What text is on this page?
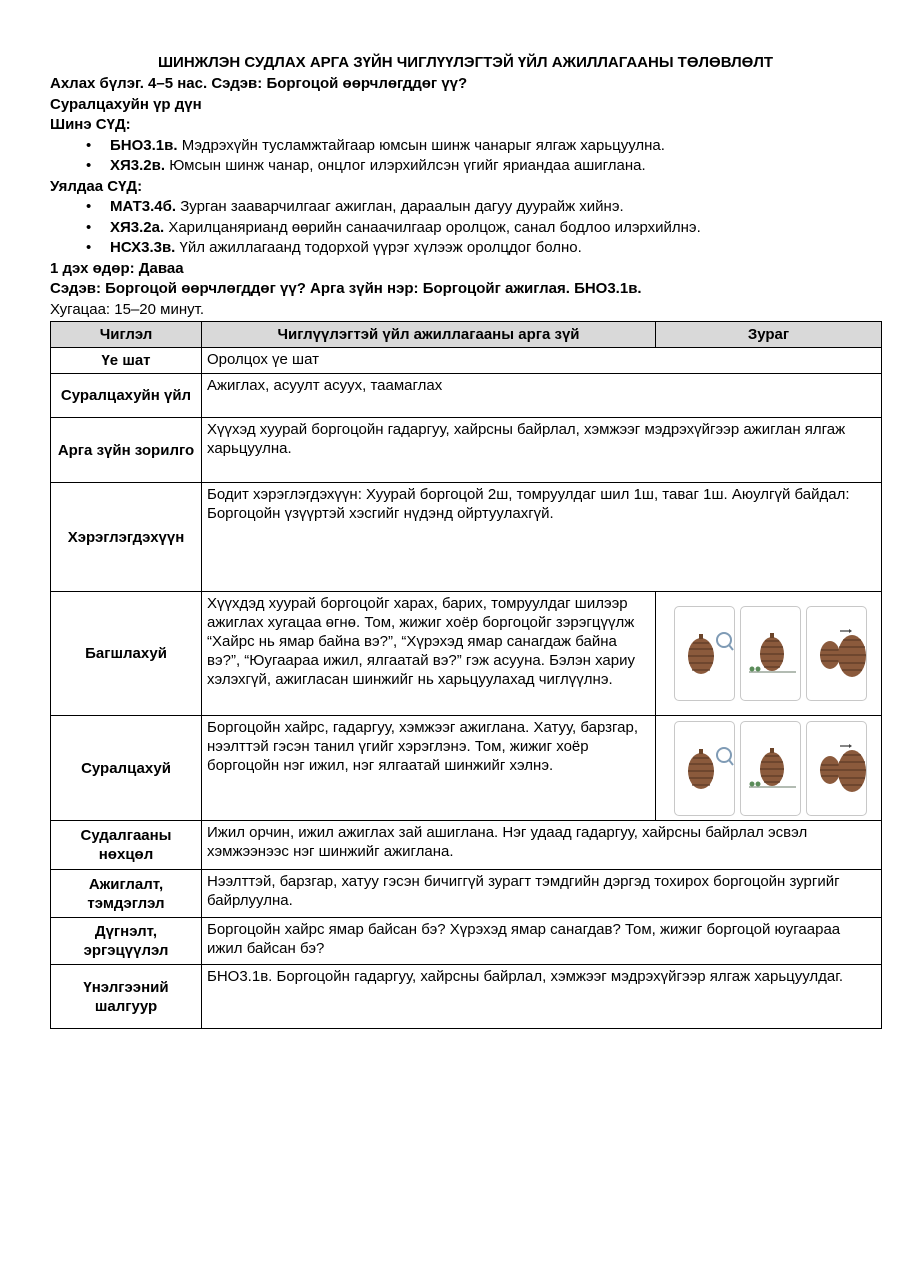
ШИНЖЛЭН СУДЛАХ АРГА ЗҮЙН ЧИГЛҮҮЛЭГТЭЙ ҮЙЛ АЖИЛЛАГААНЫ ТӨЛӨВЛӨЛТ

Ахлах бүлэг. 4–5 нас. Сэдэв: Боргоцой өөрчлөгддөг үү?

Суралцахуйн үр дүн

Шинэ СҮД:

• БНО3.1в. Мэдрэхүйн тусламжтайгаар юмсын шинж чанарыг ялгаж харьцуулна.
• ХЯ3.2в. Юмсын шинж чанар, онцлог илэрхийлсэн үгийг яриандаа ашиглана.

Уялдаа СҮД:

• МАТ3.4б. Зурган зааварчилгааг ажиглан, дараалын дагуу дуурайж хийнэ.
• ХЯ3.2а. Харилцанярианд өөрийн санаачилгаар оролцож, санал бодлоо илэрхийлнэ.
• НСХ3.3в. Үйл ажиллагаанд тодорхой үүрэг хүлээж оролцдог болно.

1 дэх өдөр: Даваа

Сэдэв: Боргоцой өөрчлөгддөг үү? Арга зүйн нэр: Боргоцойг ажиглая. БНО3.1в.

Хугацаа: 15–20 минут.

Чиглэл	Чиглүүлэгтэй үйл ажиллагааны арга зүй	Зураг
Үе шат	Оролцох үе шат	
Суралцахуйн үйл	Ажиглах, асуулт асуух, таамаглах	
Арга зүйн зорилго	Хүүхэд хуурай боргоцойн гадаргуу, хайрсны байрлал, хэмжээг мэдрэхүйгээр ажиглан ялгаж харьцуулна.	
Хэрэглэгдэхүүн	Бодит хэрэглэгдэхүүн: Хуурай боргоцой 2ш, томруулдаг шил 1ш, таваг 1ш. Аюулгүй байдал: Боргоцойн үзүүртэй хэсгийг нүдэнд ойртуулахгүй.	
Багшлахуй	Хүүхдэд хуурай боргоцойг харах, барих, томруулдаг шилээр ажиглах хугацаа өгнө. Том, жижиг хоёр боргоцойг зэрэгцүүлж “Хайрс нь ямар байна вэ?”, “Хүрэхэд ямар санагдаж байна вэ?”, “Юугаараа ижил, ялгаатай вэ?” гэж асууна. Бэлэн хариу хэлэхгүй, ажигласан шинжийг нь харьцуулахад чиглүүлнэ.	

Суралцахуй	Боргоцойн хайрс, гадаргуу, хэмжээг ажиглана. Хатуу, барзгар, нээлттэй гэсэн танил үгийг хэрэглэнэ. Том, жижиг хоёр боргоцойн нэг ижил, нэг ялгаатай шинжийг хэлнэ.	

Судалгааны нөхцөл	Ижил орчин, ижил ажиглах зай ашиглана. Нэг удаад гадаргуу, хайрсны байрлал эсвэл хэмжээнээс нэг шинжийг ажиглана.	
Ажиглалт, тэмдэглэл	Нээлттэй, барзгар, хатуу гэсэн бичиггүй зурагт тэмдгийн дэргэд тохирох боргоцойн зургийг байрлуулна.	
Дүгнэлт, эргэцүүлэл	Боргоцойн хайрс ямар байсан бэ? Хүрэхэд ямар санагдав? Том, жижиг боргоцой юугаараа ижил байсан бэ?	
Үнэлгээний шалгуур	БНО3.1в. Боргоцойн гадаргуу, хайрсны байрлал, хэмжээг мэдрэхүйгээр ялгаж харьцуулдаг.	
